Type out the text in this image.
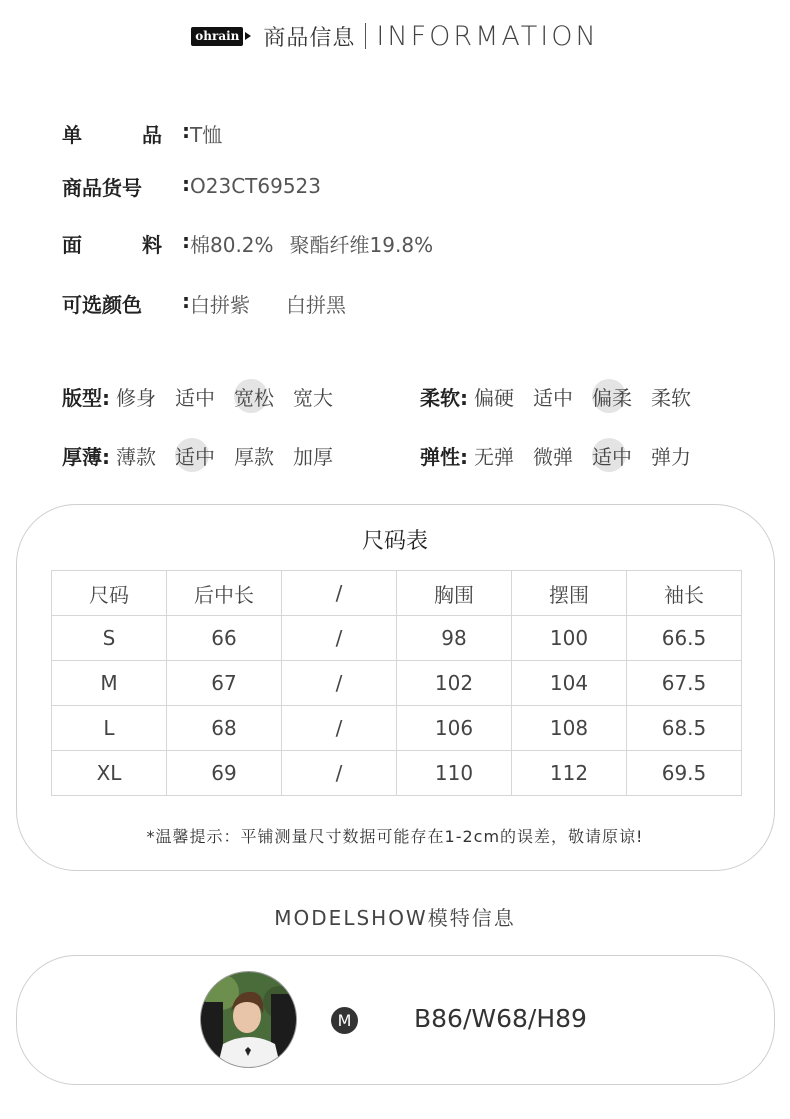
ohrain 商品信息 INFORMATION
单	品 : T恤
商品货号 : O23CT69523
面	料 : 棉80.2% 聚酯纤维19.8%
可选颜色 : 白拼紫 白拼黑
版型: 修身 适中 宽松 宽大	柔软: 偏硬 适中 偏柔 柔软
厚薄: 薄款 适中 厚款 加厚	弹性: 无弹 微弹 适中 弹力
尺码表
尺码	后中长	/	胸围	摆围	袖长
S	66	/	98	100	66.5
M	67	/	102	104	67.5
L	68	/	106	108	68.5
XL	69	/	110	112	69.5
*温馨提示：平铺测量尺寸数据可能存在1-2cm的误差，敬请原谅!
MODELSHOW模特信息
M	B86/W68/H89
